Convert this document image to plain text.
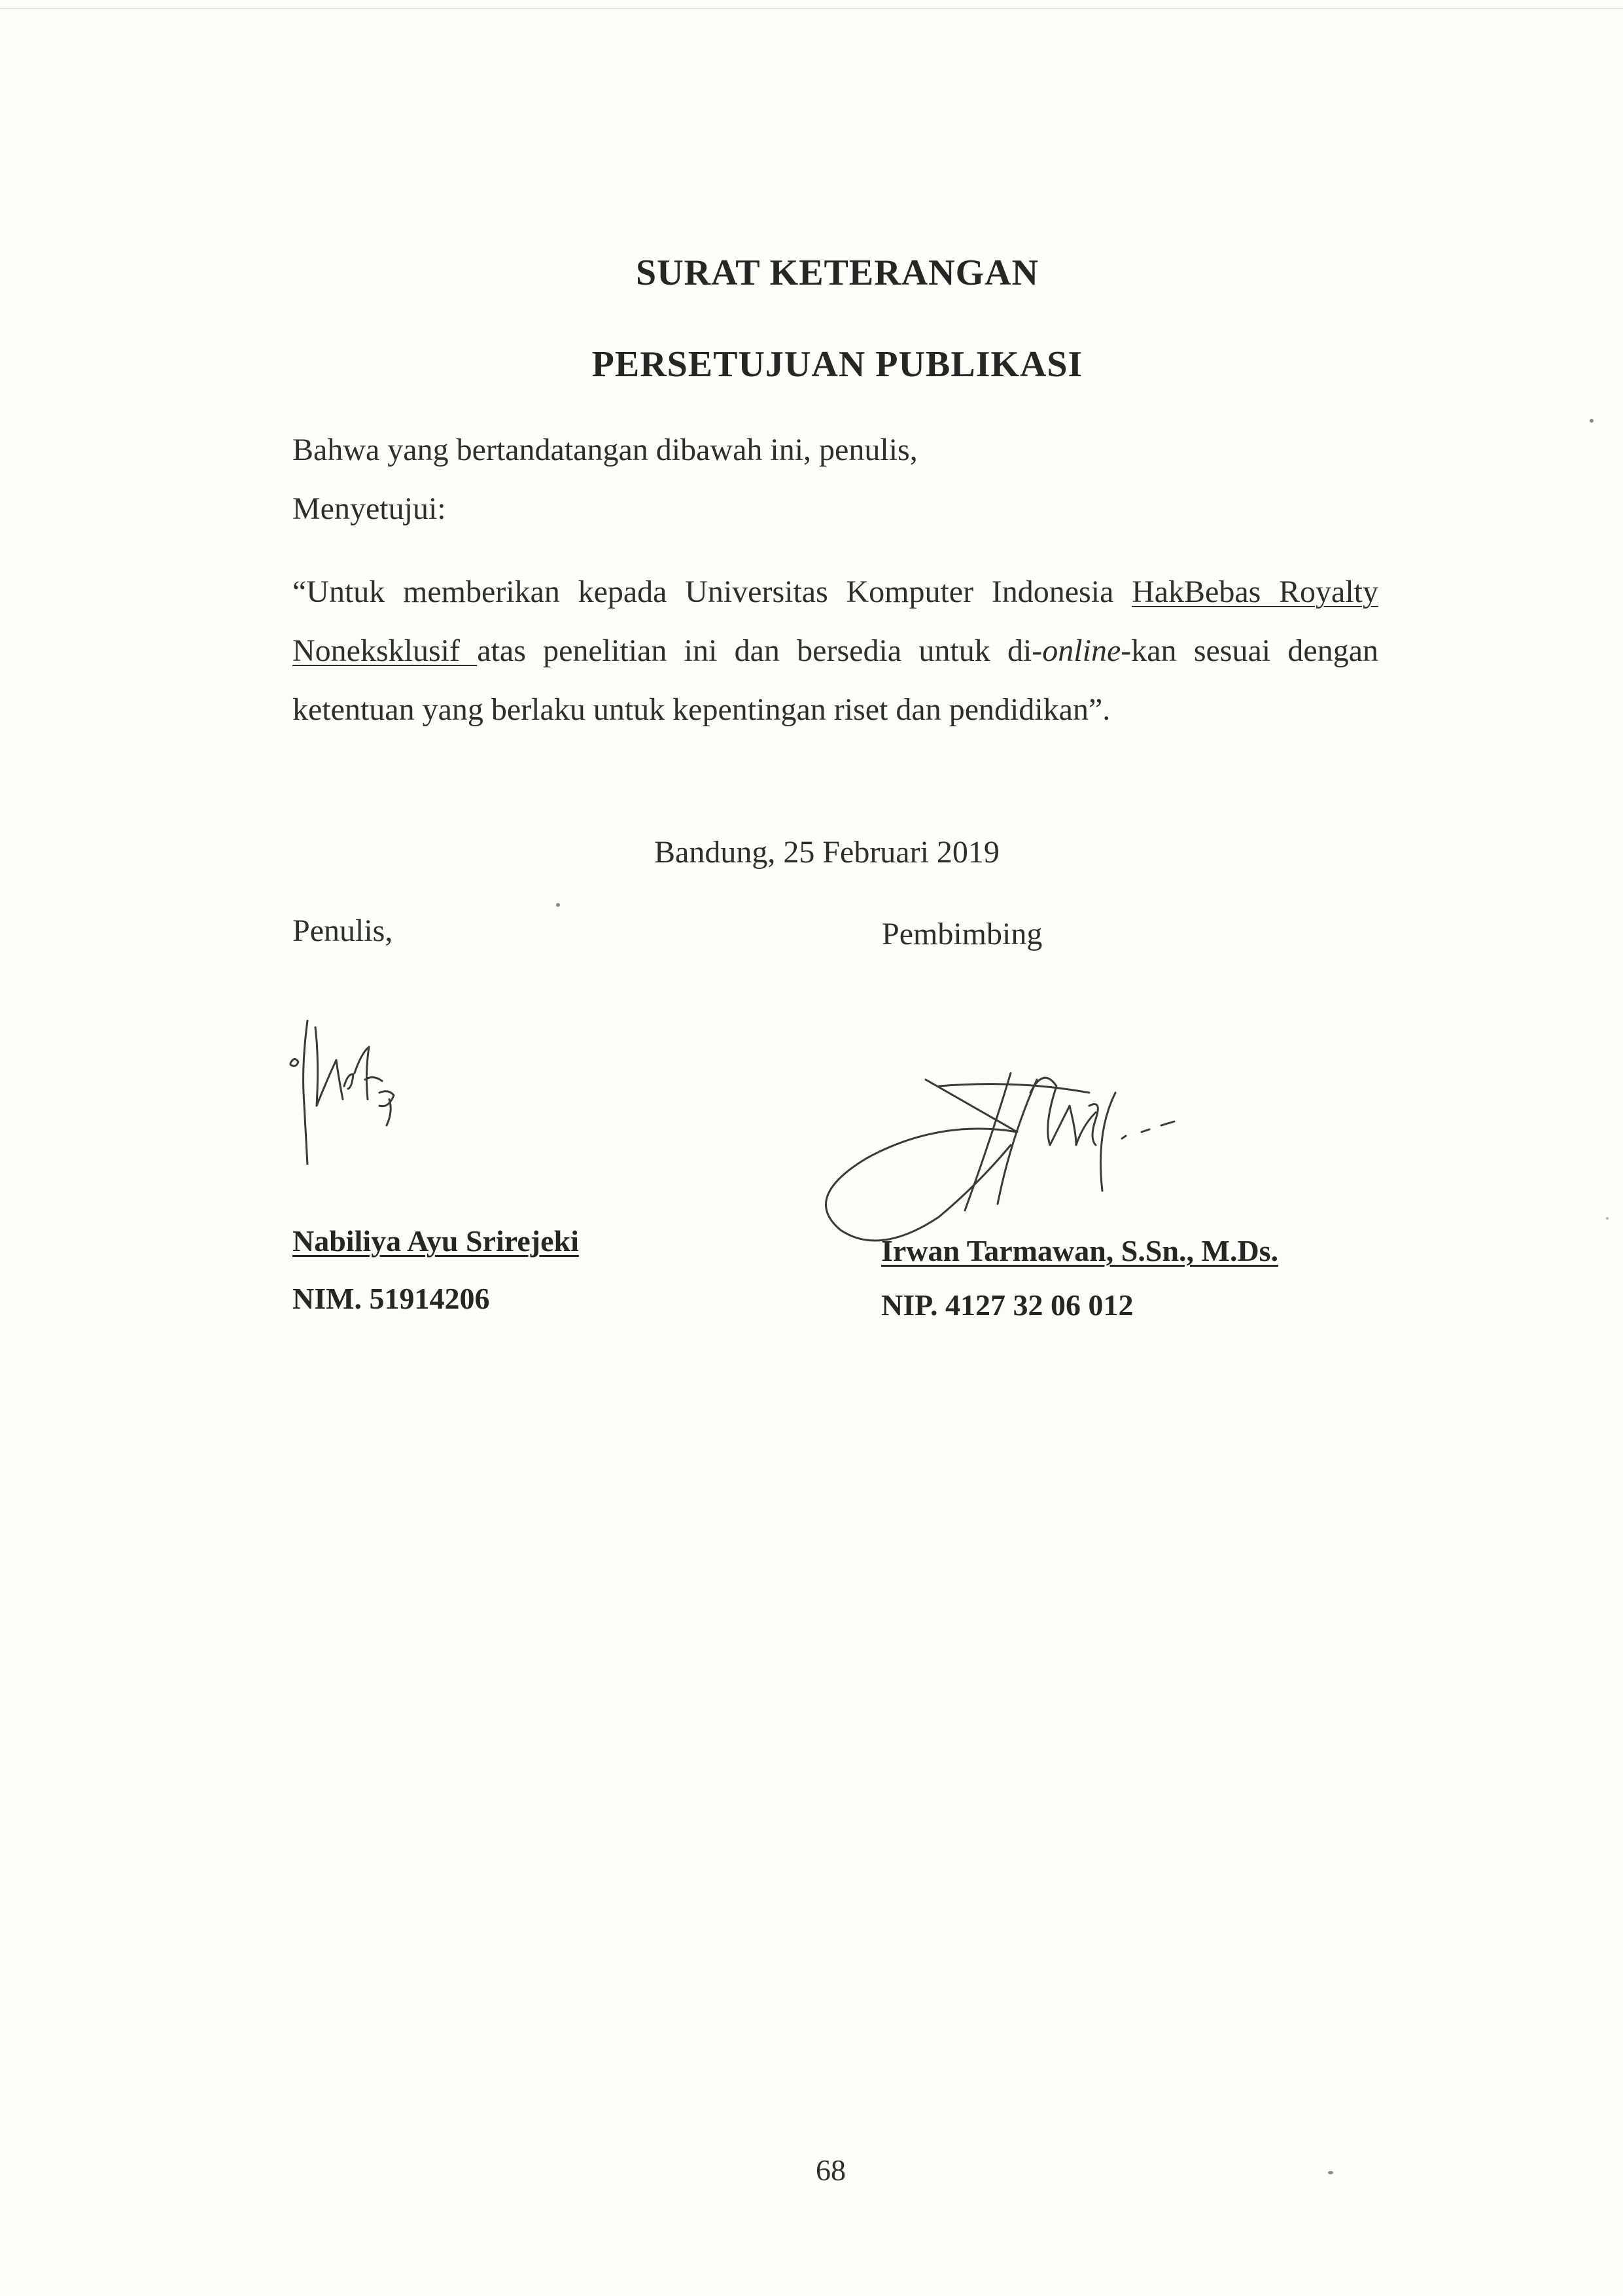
SURAT KETERANGAN
PERSETUJUAN PUBLIKASI
Bahwa yang bertandatangan dibawah ini, penulis,
Menyetujui:
“Untuk memberikan kepada Universitas Komputer Indonesia HakBebas Royalty Noneksklusif atas penelitian ini dan bersedia untuk di-online-kan sesuai dengan ketentuan yang berlaku untuk kepentingan riset dan pendidikan”.
Bandung, 25 Februari 2019
Penulis,	Pembimbing
Nabiliya Ayu Srirejeki
NIM. 51914206
Irwan Tarmawan, S.Sn., M.Ds.
NIP. 4127 32 06 012
68
